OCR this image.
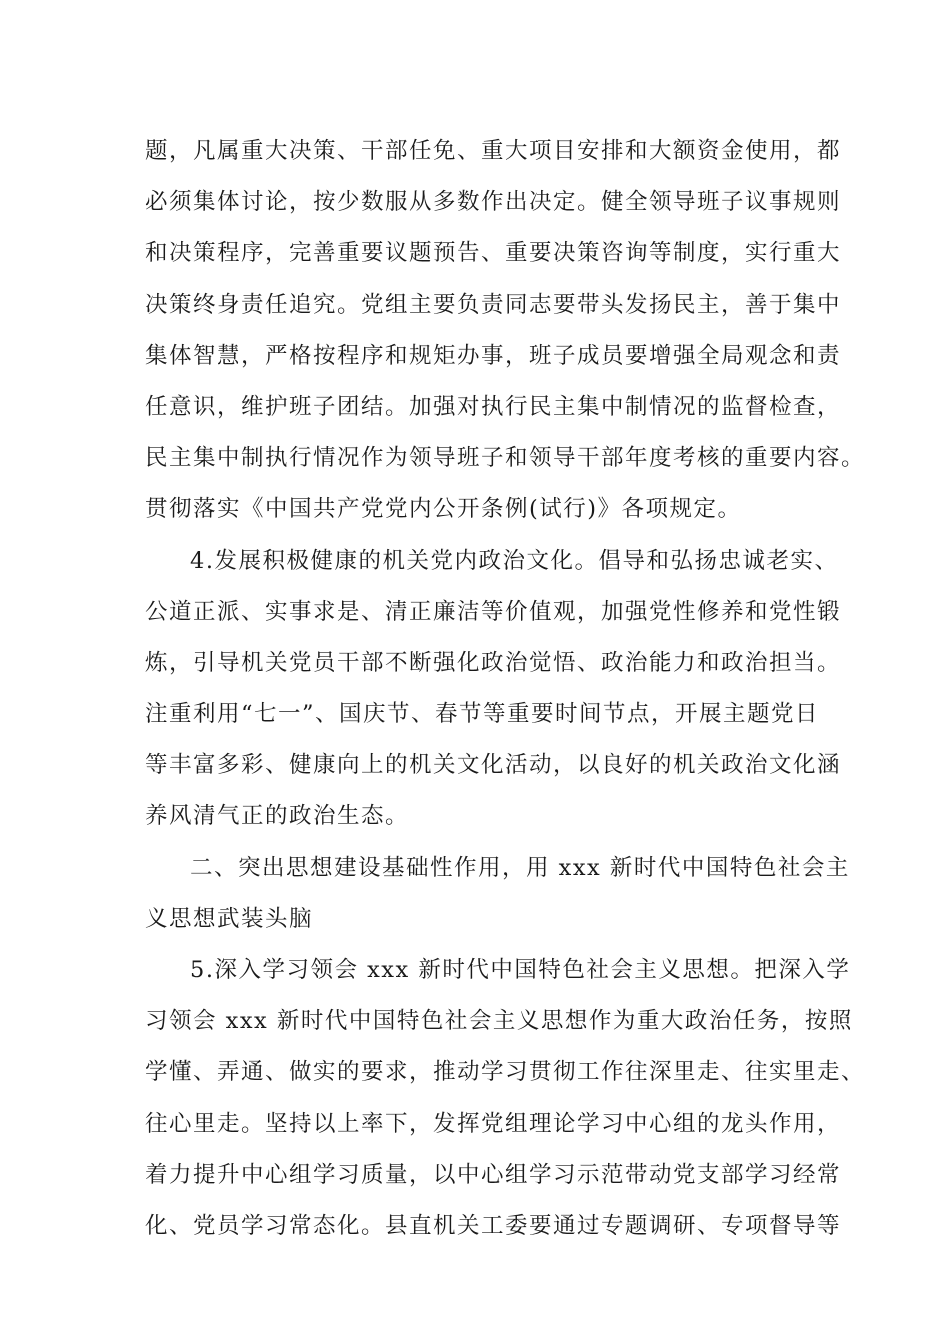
题，凡属重大决策、干部任免、重大项目安排和大额资金使用，都
必须集体讨论，按少数服从多数作出决定。健全领导班子议事规则
和决策程序，完善重要议题预告、重要决策咨询等制度，实行重大
决策终身责任追究。党组主要负责同志要带头发扬民主，善于集中
集体智慧，严格按程序和规矩办事，班子成员要增强全局观念和责
任意识，维护班子团结。加强对执行民主集中制情况的监督检查，
民主集中制执行情况作为领导班子和领导干部年度考核的重要内容。
贯彻落实《中国共产党党内公开条例(试行)》各项规定。
4.发展积极健康的机关党内政治文化。倡导和弘扬忠诚老实、
公道正派、实事求是、清正廉洁等价值观，加强党性修养和党性锻
炼，引导机关党员干部不断强化政治觉悟、政治能力和政治担当。
注重利用“七一”、国庆节、春节等重要时间节点，开展主题党日
等丰富多彩、健康向上的机关文化活动，以良好的机关政治文化涵
养风清气正的政治生态。
二、突出思想建设基础性作用，用 xxx 新时代中国特色社会主
义思想武装头脑
5.深入学习领会 xxx 新时代中国特色社会主义思想。把深入学
习领会 xxx 新时代中国特色社会主义思想作为重大政治任务，按照
学懂、弄通、做实的要求，推动学习贯彻工作往深里走、往实里走、
往心里走。坚持以上率下，发挥党组理论学习中心组的龙头作用，
着力提升中心组学习质量，以中心组学习示范带动党支部学习经常
化、党员学习常态化。县直机关工委要通过专题调研、专项督导等
